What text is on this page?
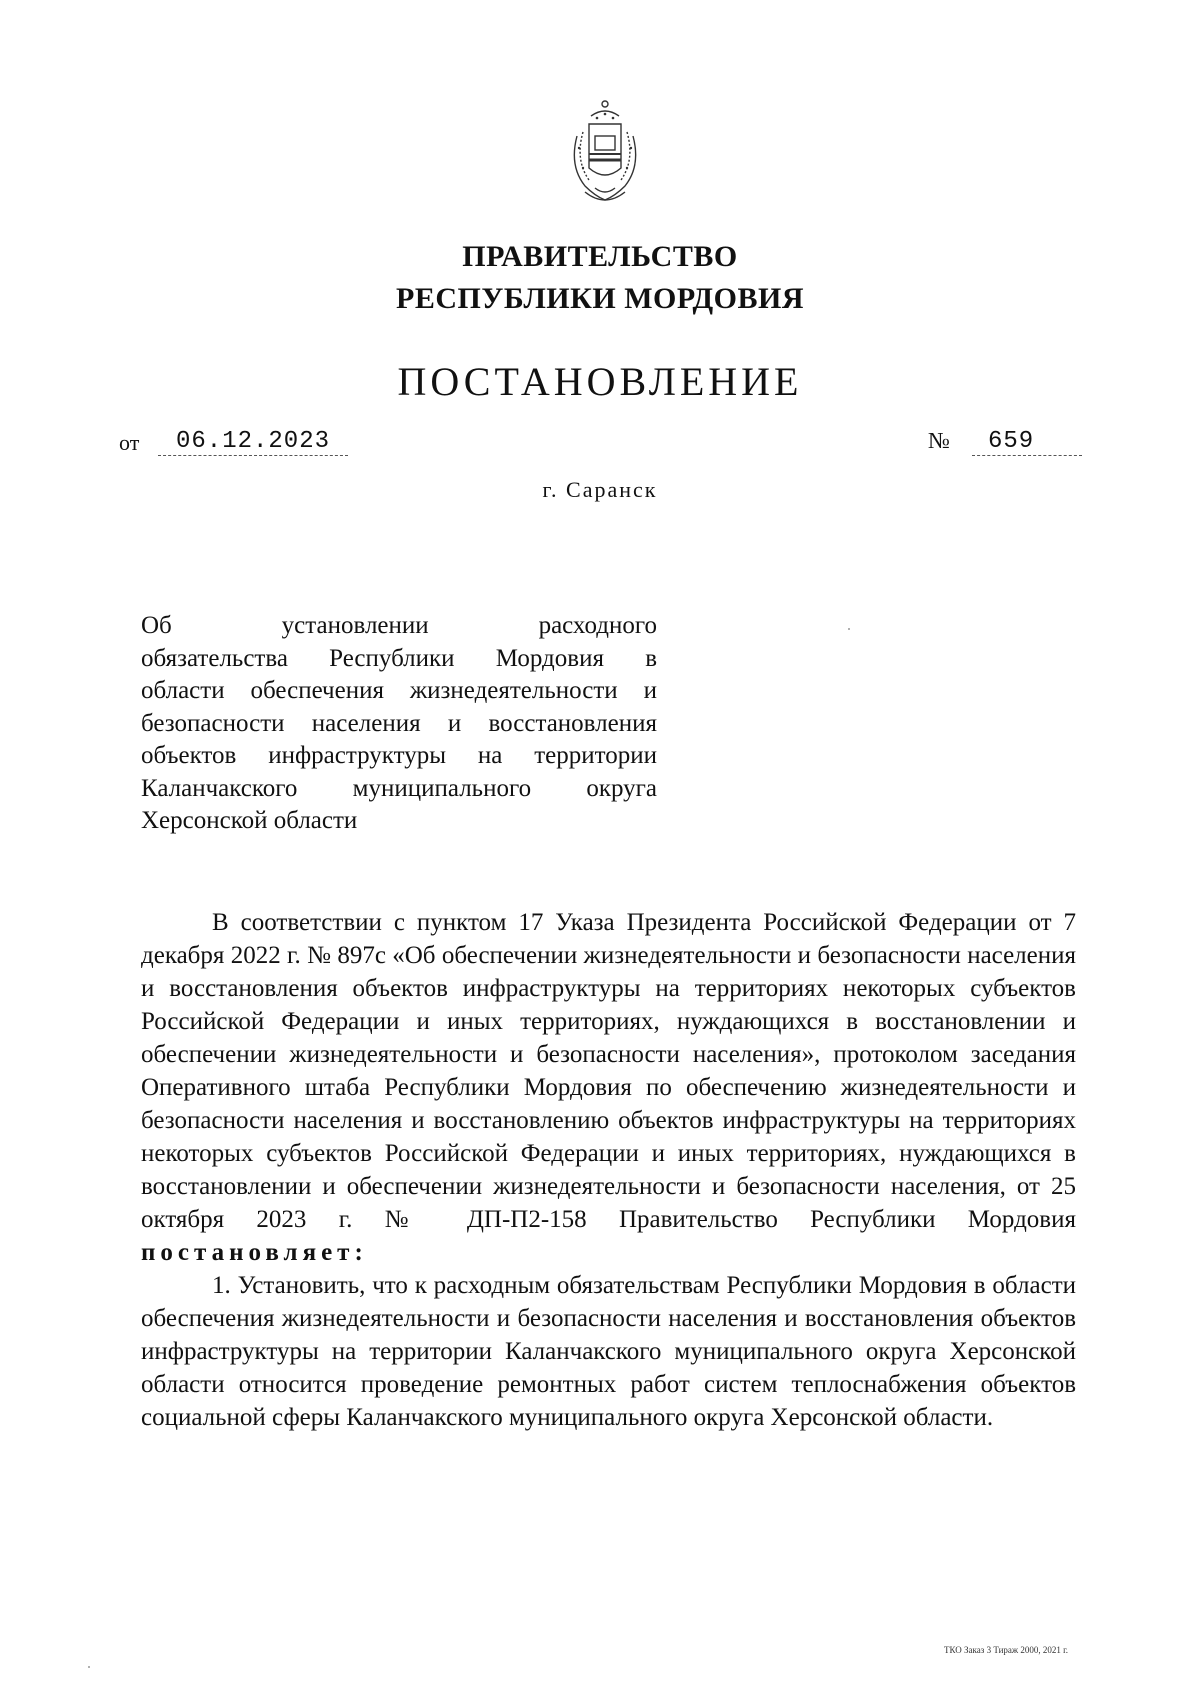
ПРАВИТЕЛЬСТВО
РЕСПУБЛИКИ МОРДОВИЯ
ПОСТАНОВЛЕНИЕ
от	06.12.2023	№	659
г. Саранск
Об установлении расходного
обязательства Республики Мордовия в
области обеспечения жизнедеятельности и
безопасности населения и восстановления
объектов инфраструктуры на территории
Каланчакского муниципального округа
Херсонской области

В соответствии с пунктом 17 Указа Президента Российской Федерации от 7 декабря 2022 г. № 897с «Об обеспечении жизнедеятельности и безопасности населения и восстановления объектов инфраструктуры на территориях некоторых субъектов Российской Федерации и иных территориях, нуждающихся в восстановлении и обеспечении жизнедеятельности и безопасности населения», протоколом заседания Оперативного штаба Республики Мордовия по обеспечению жизнедеятельности и безопасности населения и восстановлению объектов инфраструктуры на территориях некоторых субъектов Российской Федерации и иных территориях, нуждающихся в восстановлении и обеспечении жизнедеятельности и безопасности населения, от 25 октября 2023 г. № ДП-П2-158 Правительство Республики Мордовия постановляет:

1. Установить, что к расходным обязательствам Республики Мордовия в области обеспечения жизнедеятельности и безопасности населения и восстановления объектов инфраструктуры на территории Каланчакского муниципального округа Херсонской области относится проведение ремонтных работ систем теплоснабжения объектов социальной сферы Каланчакского муниципального округа Херсонской области.

ТКО Заказ 3 Тираж 2000, 2021 г.
